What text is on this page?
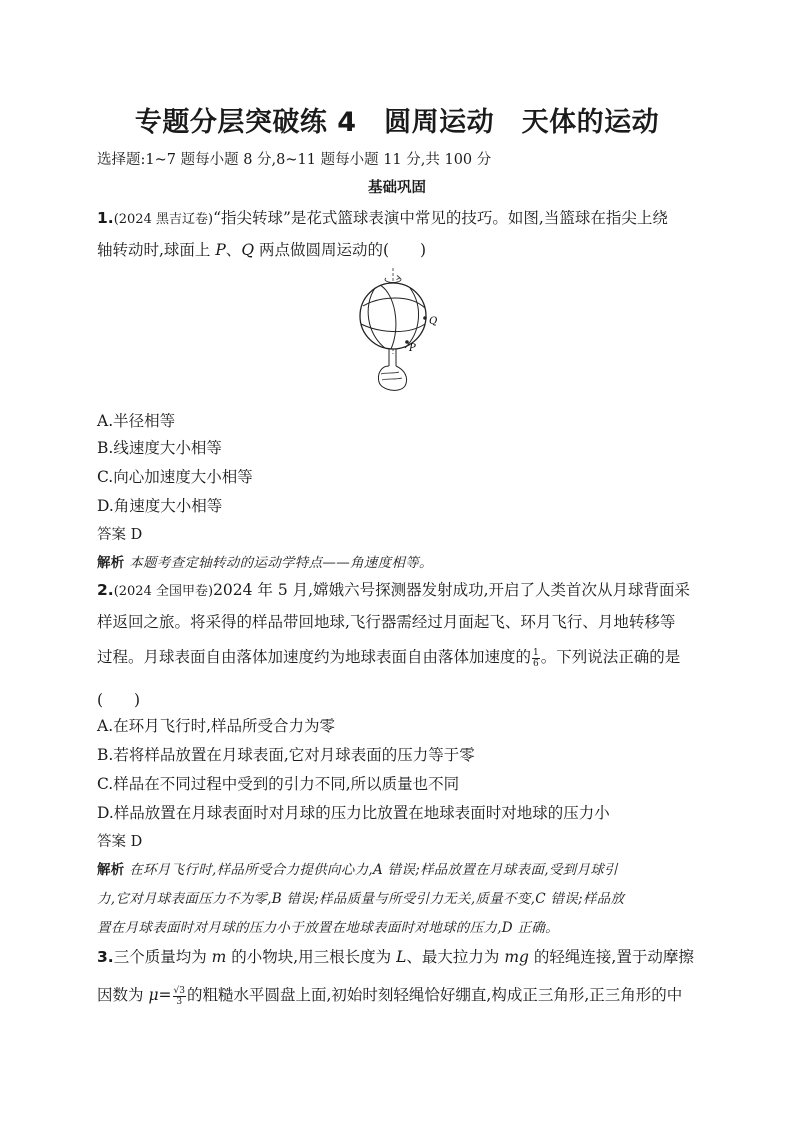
专题分层突破练 4　圆周运动　天体的运动
选择题:1~7 题每小题 8 分,8~11 题每小题 11 分,共 100 分
基础巩固
1.(2024 黑吉辽卷)“指尖转球”是花式篮球表演中常见的技巧。如图,当篮球在指尖上绕
轴转动时,球面上 P、Q 两点做圆周运动的(　　)
Q
P
A.半径相等
B.线速度大小相等
C.向心加速度大小相等
D.角速度大小相等
答案 D
解析 本题考查定轴转动的运动学特点——角速度相等。
2.(2024 全国甲卷)2024 年 5 月,嫦娥六号探测器发射成功,开启了人类首次从月球背面采
样返回之旅。将采得的样品带回地球,飞行器需经过月面起飞、环月飞行、月地转移等
过程。月球表面自由落体加速度约为地球表面自由落体加速度的 $\frac{1}{6}$ 。下列说法正确的是
(　　)
A.在环月飞行时,样品所受合力为零
B.若将样品放置在月球表面,它对月球表面的压力等于零
C.样品在不同过程中受到的引力不同,所以质量也不同
D.样品放置在月球表面时对月球的压力比放置在地球表面时对地球的压力小
答案 D
解析 在环月飞行时,样品所受合力提供向心力,A 错误;样品放置在月球表面,受到月球引
力,它对月球表面压力不为零,B 错误;样品质量与所受引力无关,质量不变,C 错误;样品放
置在月球表面时对月球的压力小于放置在地球表面时对地球的压力,D 正确。
3.三个质量均为 m 的小物块,用三根长度为 L、最大拉力为 mg 的轻绳连接,置于动摩擦
因数为 $\mu= \frac{√3}{3}$ 的粗糙水平圆盘上面,初始时刻轻绳恰好绷直,构成正三角形,正三角形的中
